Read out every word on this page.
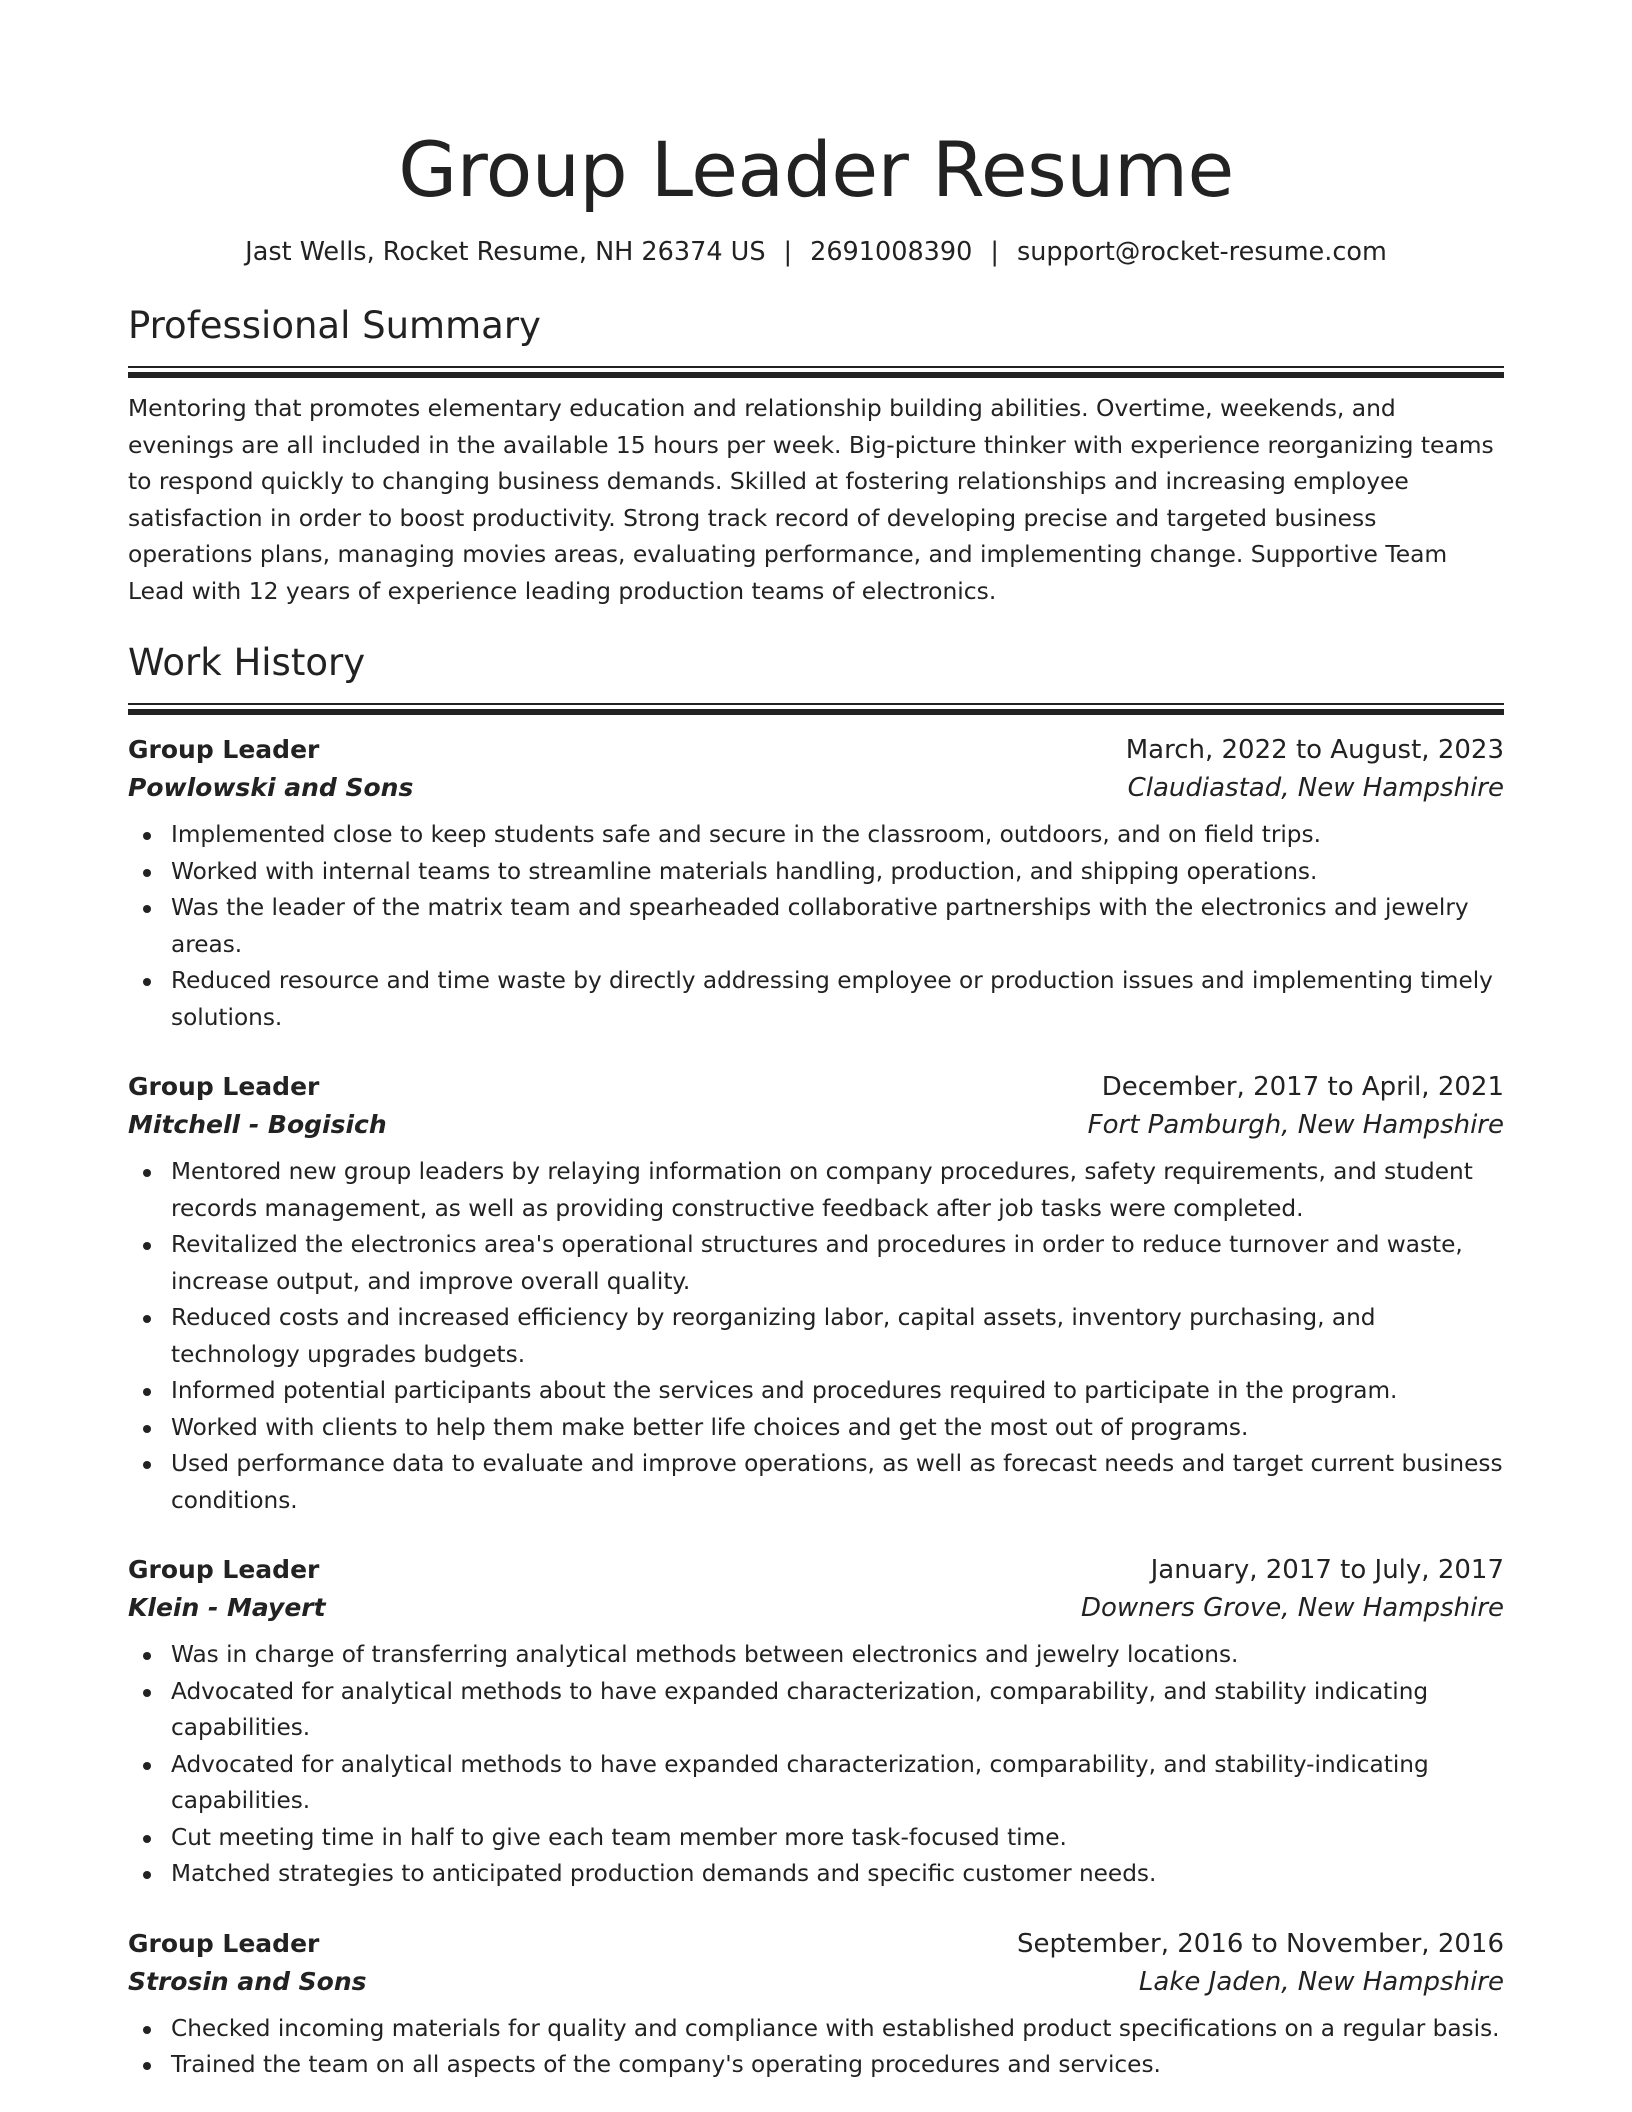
Group Leader Resume
Jast Wells, Rocket Resume, NH 26374 US | 2691008390 | support@rocket-resume.com
Professional Summary
Mentoring that promotes elementary education and relationship building abilities. Overtime, weekends, and evenings are all included in the available 15 hours per week. Big-picture thinker with experience reorganizing teams to respond quickly to changing business demands. Skilled at fostering relationships and increasing employee satisfaction in order to boost productivity. Strong track record of developing precise and targeted business operations plans, managing movies areas, evaluating performance, and implementing change. Supportive Team Lead with 12 years of experience leading production teams of electronics.
Work History
Group Leader	March, 2022 to August, 2023
Powlowski and Sons	Claudiastad, New Hampshire
Implemented close to keep students safe and secure in the classroom, outdoors, and on field trips.
Worked with internal teams to streamline materials handling, production, and shipping operations.
Was the leader of the matrix team and spearheaded collaborative partnerships with the electronics and jewelry areas.
Reduced resource and time waste by directly addressing employee or production issues and implementing timely solutions.
Group Leader	December, 2017 to April, 2021
Mitchell - Bogisich	Fort Pamburgh, New Hampshire
Mentored new group leaders by relaying information on company procedures, safety requirements, and student records management, as well as providing constructive feedback after job tasks were completed.
Revitalized the electronics area's operational structures and procedures in order to reduce turnover and waste, increase output, and improve overall quality.
Reduced costs and increased efficiency by reorganizing labor, capital assets, inventory purchasing, and technology upgrades budgets.
Informed potential participants about the services and procedures required to participate in the program.
Worked with clients to help them make better life choices and get the most out of programs.
Used performance data to evaluate and improve operations, as well as forecast needs and target current business conditions.
Group Leader	January, 2017 to July, 2017
Klein - Mayert	Downers Grove, New Hampshire
Was in charge of transferring analytical methods between electronics and jewelry locations.
Advocated for analytical methods to have expanded characterization, comparability, and stability indicating capabilities.
Advocated for analytical methods to have expanded characterization, comparability, and stability-indicating capabilities.
Cut meeting time in half to give each team member more task-focused time.
Matched strategies to anticipated production demands and specific customer needs.
Group Leader	September, 2016 to November, 2016
Strosin and Sons	Lake Jaden, New Hampshire
Checked incoming materials for quality and compliance with established product specifications on a regular basis.
Trained the team on all aspects of the company's operating procedures and services.
